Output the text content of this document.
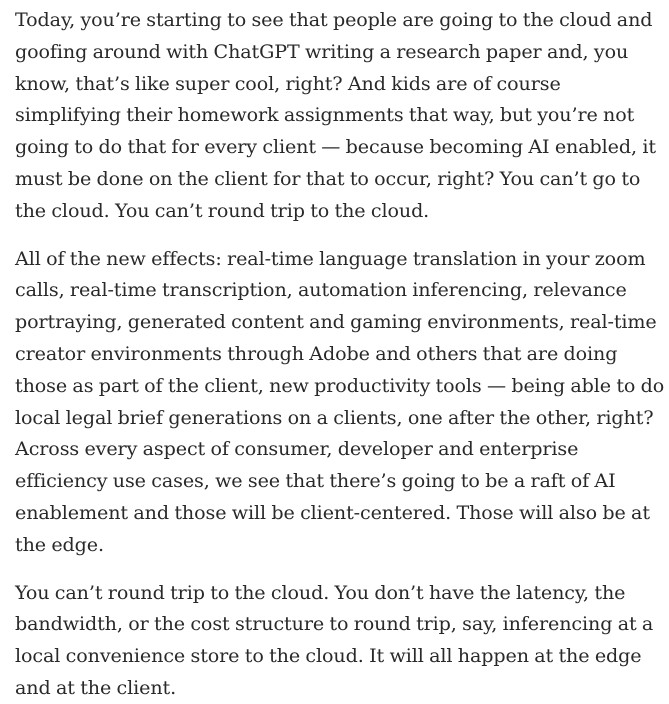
Today, you’re starting to see that people are going to the cloud and goofing around with ChatGPT writing a research paper and, you know, that’s like super cool, right? And kids are of course simplifying their homework assignments that way, but you’re not going to do that for every client — because becoming AI enabled, it must be done on the client for that to occur, right? You can’t go to the cloud. You can’t round trip to the cloud.

All of the new effects: real-time language translation in your zoom calls, real-time transcription, automation inferencing, relevance portraying, generated content and gaming environments, real-time creator environments through Adobe and others that are doing those as part of the client, new productivity tools — being able to do local legal brief generations on a clients, one after the other, right? Across every aspect of consumer, developer and enterprise efficiency use cases, we see that there’s going to be a raft of AI enablement and those will be client-centered. Those will also be at the edge.

You can’t round trip to the cloud. You don’t have the latency, the bandwidth, or the cost structure to round trip, say, inferencing at a local convenience store to the cloud. It will all happen at the edge and at the client.
